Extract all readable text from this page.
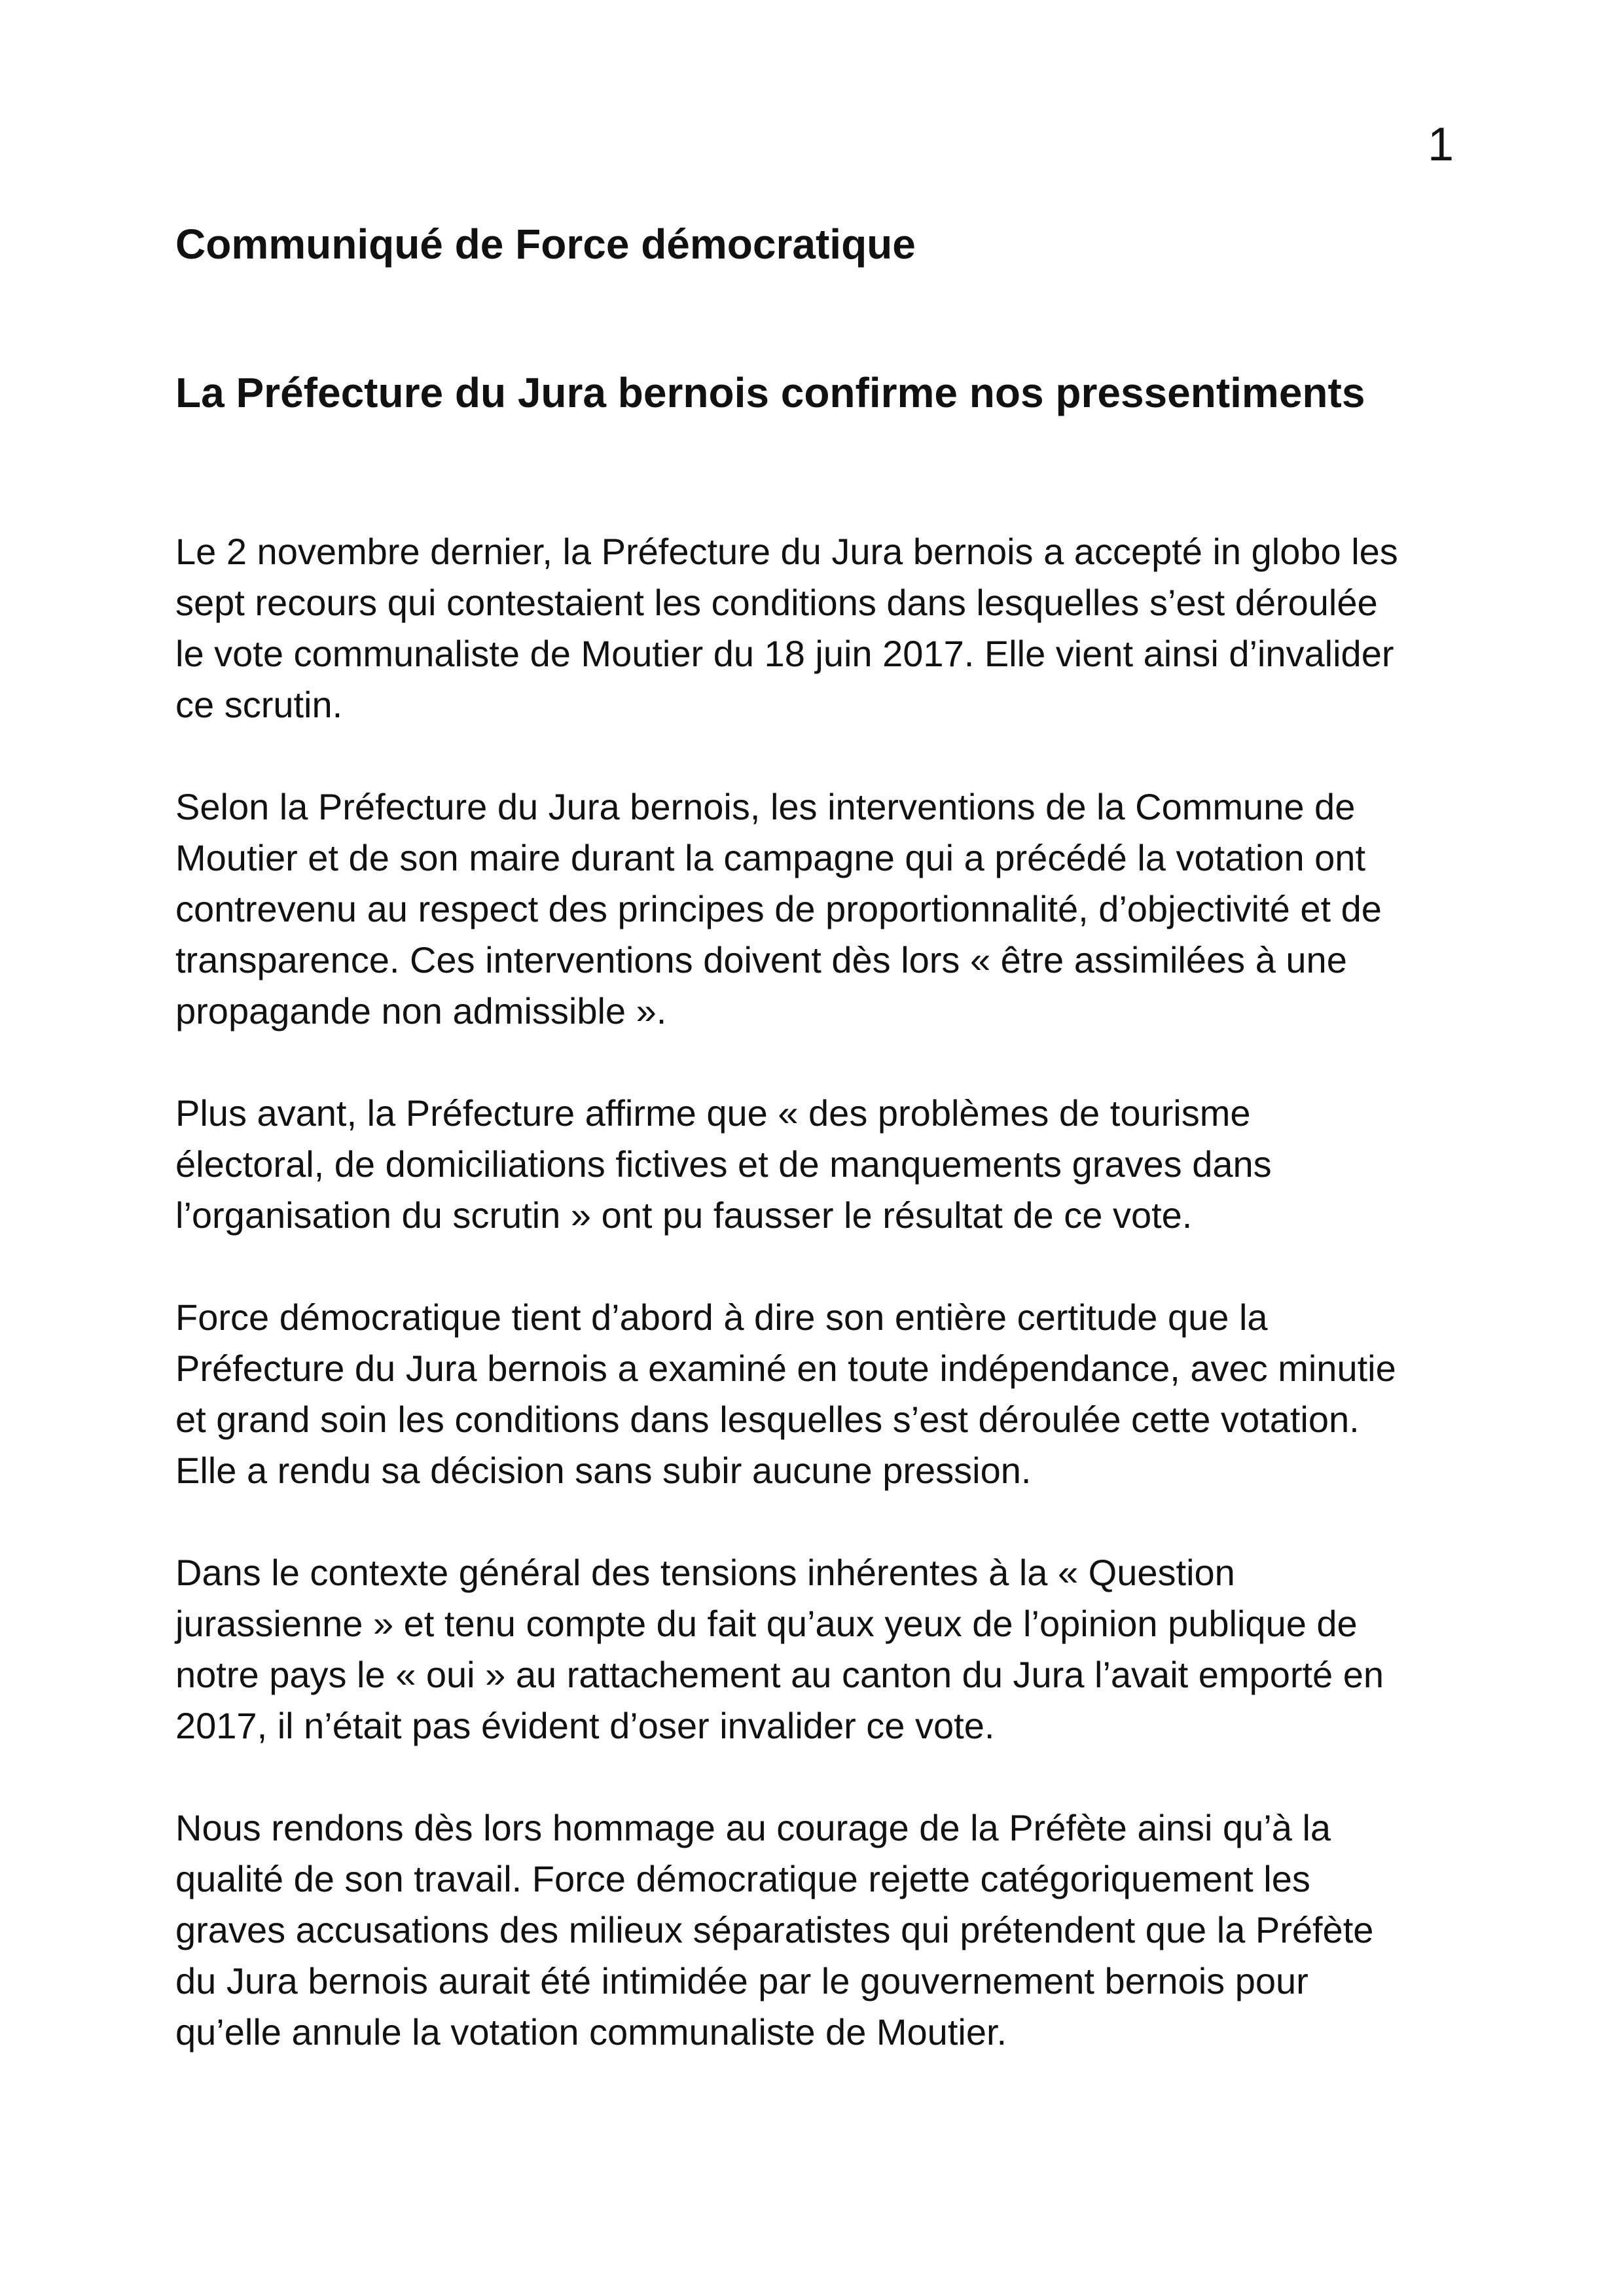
1

Communiqué de Force démocratique
La Préfecture du Jura bernois confirme nos pressentiments

Le 2 novembre dernier, la Préfecture du Jura bernois a accepté in globo les
sept recours qui contestaient les conditions dans lesquelles s’est déroulée
le vote communaliste de Moutier du 18 juin 2017. Elle vient ainsi d’invalider
ce scrutin.

Selon la Préfecture du Jura bernois, les interventions de la Commune de
Moutier et de son maire durant la campagne qui a précédé la votation ont
contrevenu au respect des principes de proportionnalité, d’objectivité et de
transparence. Ces interventions doivent dès lors « être assimilées à une
propagande non admissible ».

Plus avant, la Préfecture affirme que « des problèmes de tourisme
électoral, de domiciliations fictives et de manquements graves dans
l’organisation du scrutin » ont pu fausser le résultat de ce vote.

Force démocratique tient d’abord à dire son entière certitude que la
Préfecture du Jura bernois a examiné en toute indépendance, avec minutie
et grand soin les conditions dans lesquelles s’est déroulée cette votation.
Elle a rendu sa décision sans subir aucune pression.

Dans le contexte général des tensions inhérentes à la « Question
jurassienne » et tenu compte du fait qu’aux yeux de l’opinion publique de
notre pays le « oui » au rattachement au canton du Jura l’avait emporté en
2017, il n’était pas évident d’oser invalider ce vote.

Nous rendons dès lors hommage au courage de la Préfète ainsi qu’à la
qualité de son travail. Force démocratique rejette catégoriquement les
graves accusations des milieux séparatistes qui prétendent que la Préfète
du Jura bernois aurait été intimidée par le gouvernement bernois pour
qu’elle annule la votation communaliste de Moutier.
